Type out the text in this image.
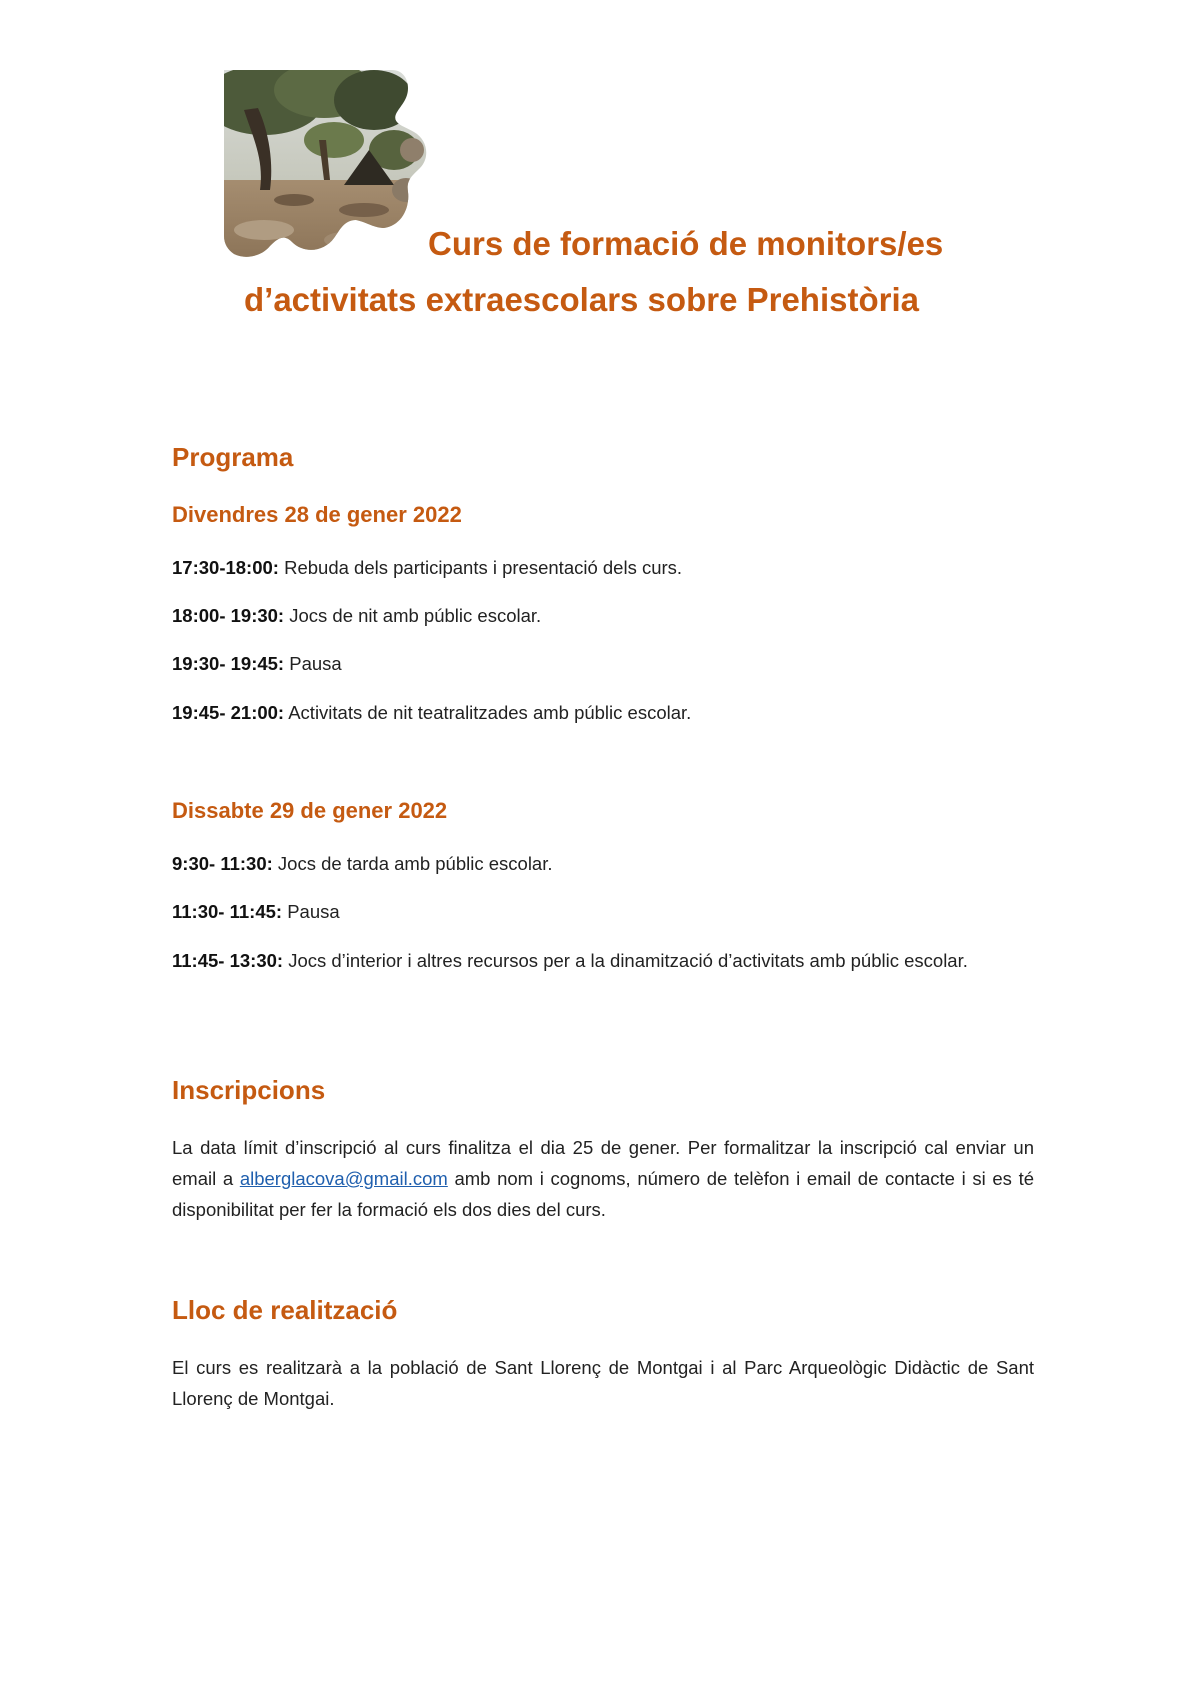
Curs de formació de monitors/es
d’activitats extraescolars sobre Prehistòria
Programa
Divendres 28 de gener 2022

17:30-18:00: Rebuda dels participants i presentació dels curs.

18:00- 19:30: Jocs de nit amb públic escolar.

19:30- 19:45: Pausa

19:45- 21:00: Activitats de nit teatralitzades amb públic escolar.

Dissabte 29 de gener 2022

9:30- 11:30: Jocs de tarda amb públic escolar.

11:30- 11:45: Pausa

11:45- 13:30: Jocs d’interior i altres recursos per a la dinamització d’activitats amb públic escolar.

Inscripcions

La data límit d’inscripció al curs finalitza el dia 25 de gener. Per formalitzar la inscripció cal enviar un email a alberglacova@gmail.com amb nom i cognoms, número de telèfon i email de contacte i si es té disponibilitat per fer la formació els dos dies del curs.

Lloc de realització

El curs es realitzarà a la població de Sant Llorenç de Montgai i al Parc Arqueològic Didàctic de Sant Llorenç de Montgai.
